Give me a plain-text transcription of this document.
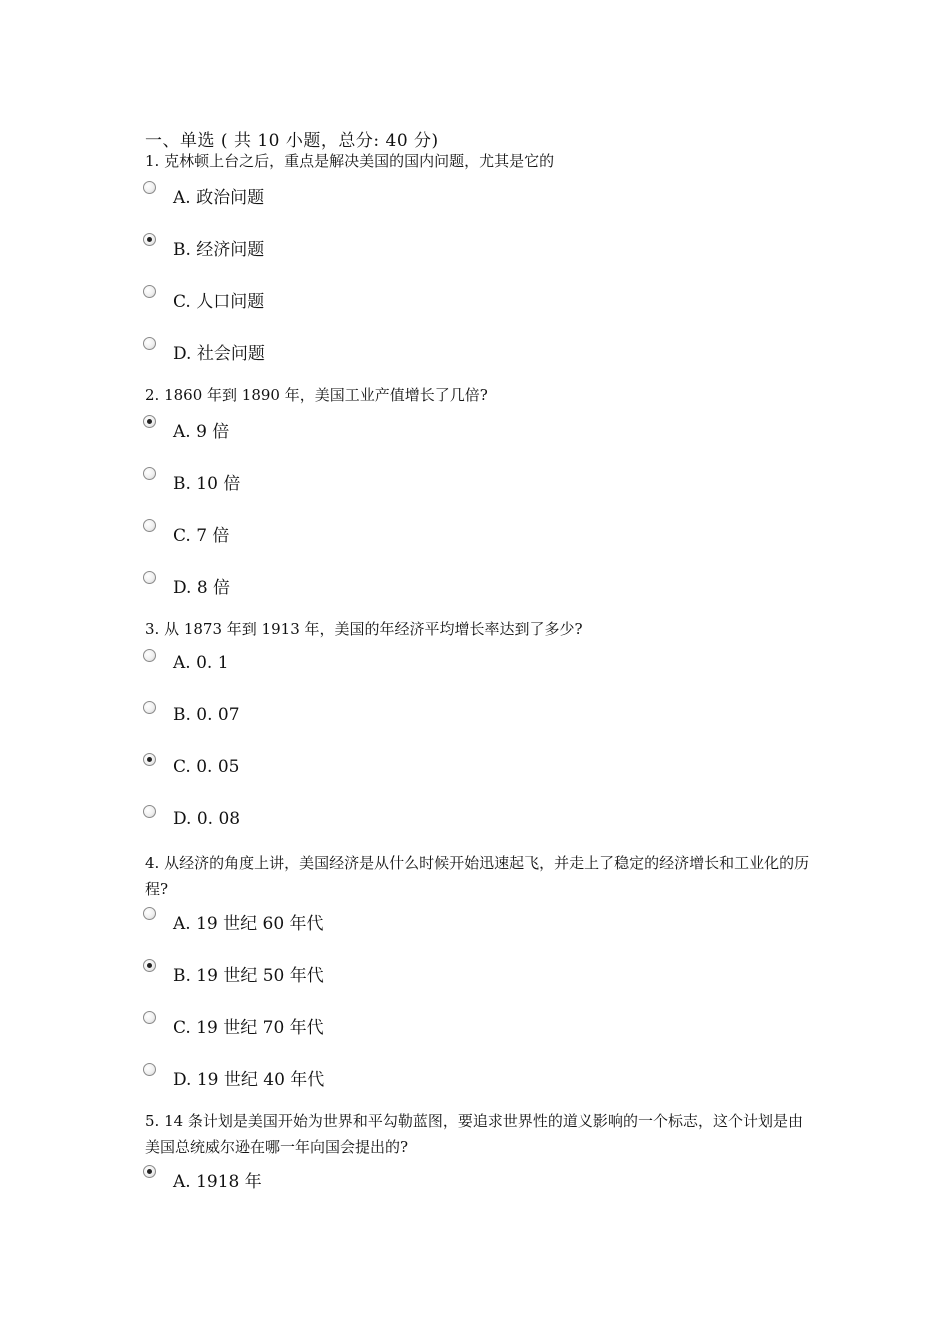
一、单选 ( 共 10 小题，总分: 40 分)
1. 克林顿上台之后，重点是解决美国的国内问题，尤其是它的
A. 政治问题
B. 经济问题
C. 人口问题
D. 社会问题
2. 1860 年到 1890 年，美国工业产值增长了几倍?
A. 9 倍
B. 10 倍
C. 7 倍
D. 8 倍
3. 从 1873 年到 1913 年，美国的年经济平均增长率达到了多少?
A. 0. 1
B. 0. 07
C. 0. 05
D. 0. 08
4. 从经济的角度上讲，美国经济是从什么时候开始迅速起飞，并走上了稳定的经济增长和工业化的历程?
A. 19 世纪 60 年代
B. 19 世纪 50 年代
C. 19 世纪 70 年代
D. 19 世纪 40 年代
5. 14 条计划是美国开始为世界和平勾勒蓝图，要追求世界性的道义影响的一个标志，这个计划是由美国总统威尔逊在哪一年向国会提出的?
A. 1918 年
